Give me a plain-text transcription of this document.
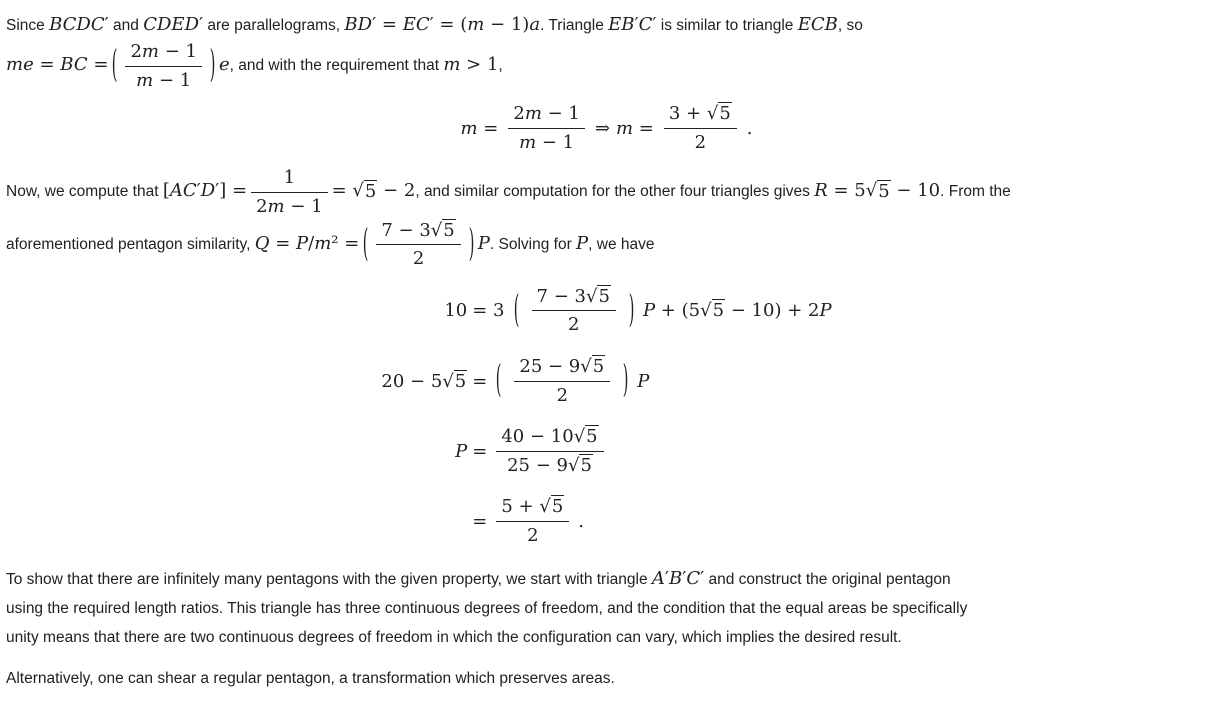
Since BCDC′ and CDED′ are parallelograms, BD′ = EC′ = (m − 1)a. Triangle EB′C′ is similar to triangle ECB, so
me = BC = ( $\frac{2m - 1}{m - 1}$ ) e, and with the requirement that m > 1,

$m = \frac{2m - 1}{m - 1}$ ⇒ $m = \frac{3 + √5}{2}$ .

Now, we compute that $[AC'D'] = \frac{1}{2m - 1} = √5 - 2$, and similar computation for the other four triangles gives R = 5√5 − 10. From the
aforementioned pentagon similarity, Q = P/m² = ( $\frac{7 - 3√5}{2}$ ) P. Solving for P, we have

10 = 3 ( $\frac{7 - 3√5}{2}$ ) P + (5√5 − 10) + 2P
20 − 5√5 = ( $\frac{25 - 9√5}{2}$ ) P
$P = \frac{40 - 10√5}{25 - 9√5}$
= $\frac{5 + √5}{2}$ .

To show that there are infinitely many pentagons with the given property, we start with triangle A′B′C′ and construct the original pentagon
using the required length ratios. This triangle has three continuous degrees of freedom, and the condition that the equal areas be specifically
unity means that there are two continuous degrees of freedom in which the configuration can vary, which implies the desired result.

Alternatively, one can shear a regular pentagon, a transformation which preserves areas.
